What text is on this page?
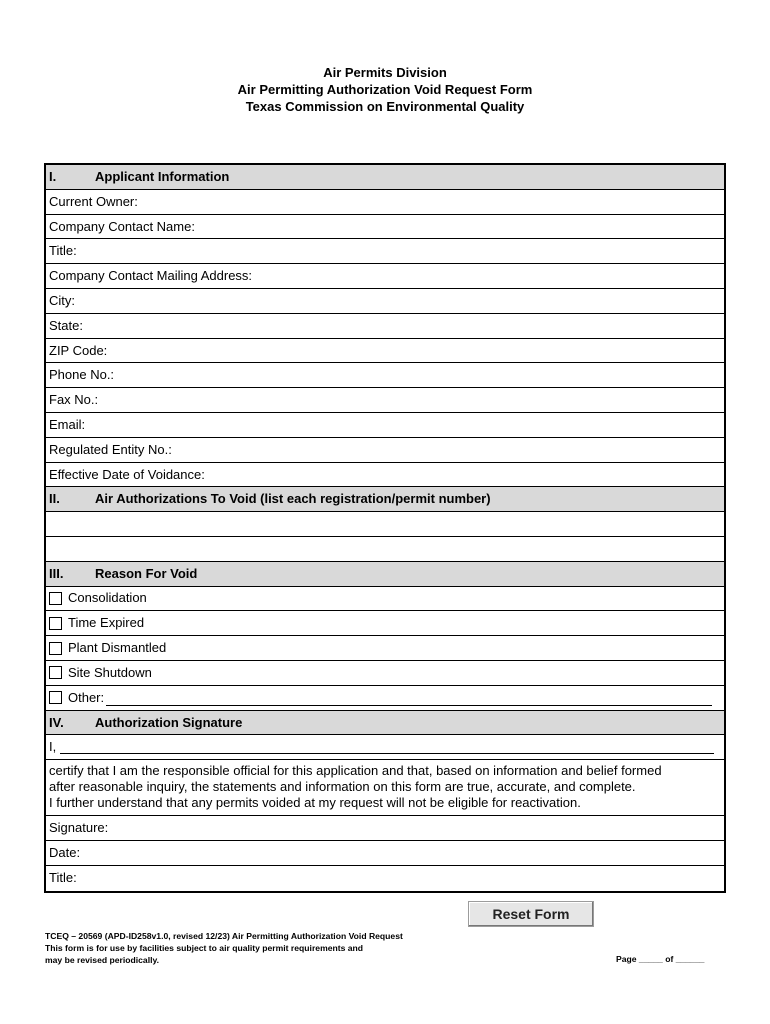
Air Permits Division
Air Permitting Authorization Void Request Form
Texas Commission on Environmental Quality
I.	Applicant Information
Current Owner:
Company Contact Name:
Title:
Company Contact Mailing Address:
City:
State:
ZIP Code:
Phone No.:
Fax No.:
Email:
Regulated Entity No.:
Effective Date of Voidance:
II.	Air Authorizations To Void (list each registration/permit number)
III. Reason For Void
Consolidation
Time Expired
Plant Dismantled
Site Shutdown
Other:
IV. Authorization Signature
I,
certify that I am the responsible official for this application and that, based on information and belief formed
after reasonable inquiry, the statements and information on this form are true, accurate, and complete.
I further understand that any permits voided at my request will not be eligible for reactivation.
Signature:
Date:
Title:
Reset Form
TCEQ – 20569 (APD-ID258v1.0, revised 12/23) Air Permitting Authorization Void Request
This form is for use by facilities subject to air quality permit requirements and
may be revised periodically.	Page _____ of ______
